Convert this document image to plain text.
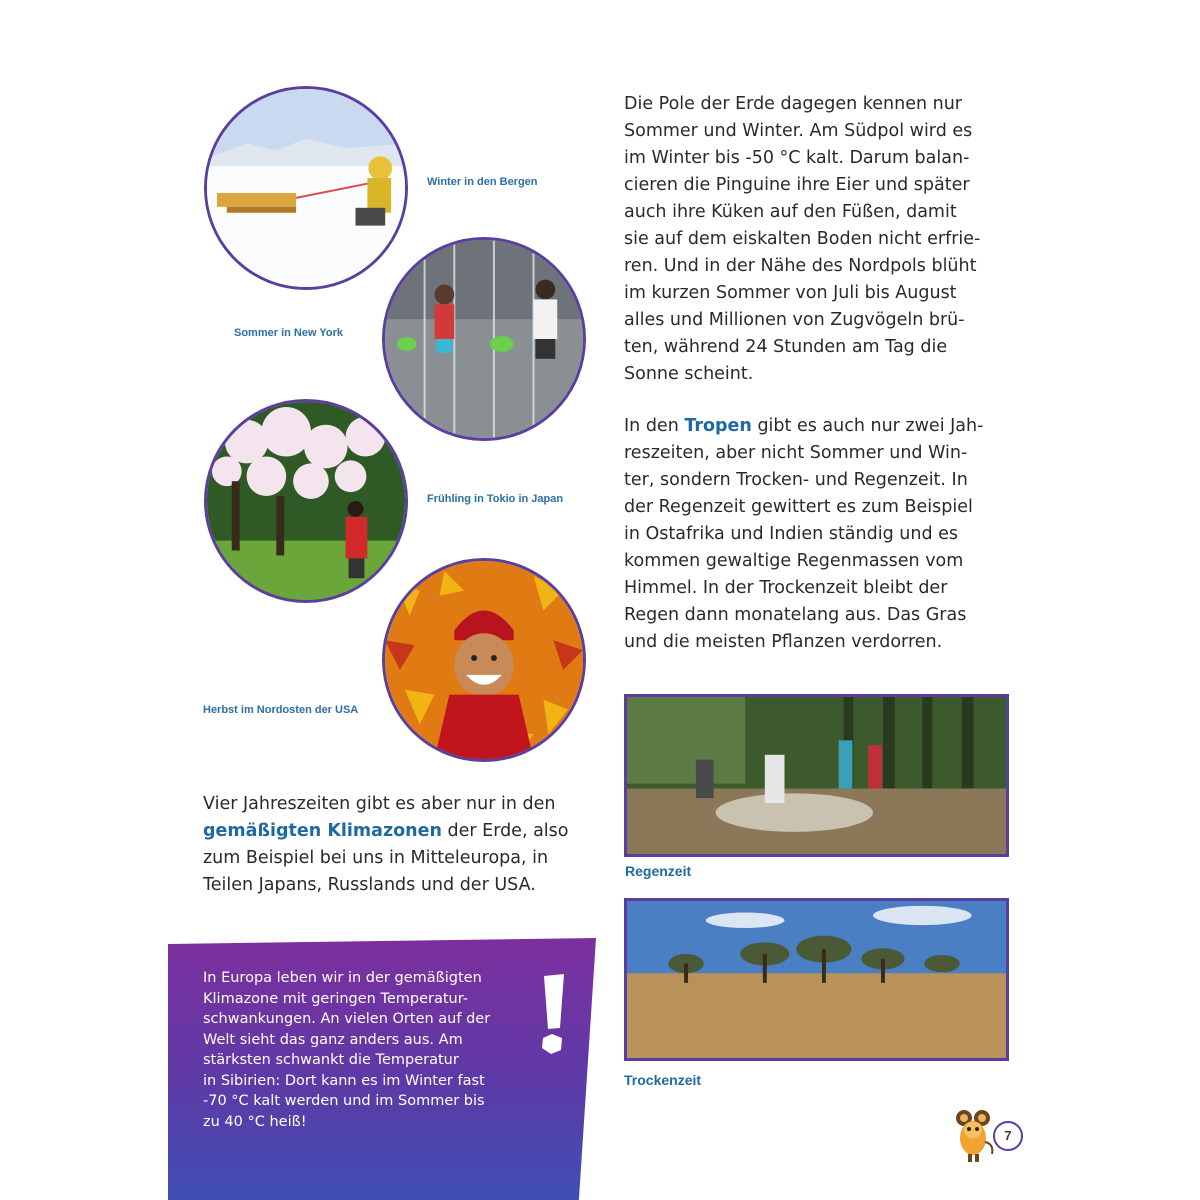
Winter in den Bergen
Sommer in New York
Frühling in Tokio in Japan
Herbst im Nordosten der USA
Die Pole der Erde dagegen kennen nur
Sommer und Winter. Am Südpol wird es
im Winter bis -50 °C kalt. Darum balan-
cieren die Pinguine ihre Eier und später
auch ihre Küken auf den Füßen, damit
sie auf dem eiskalten Boden nicht erfrie-
ren. Und in der Nähe des Nordpols blüht
im kurzen Sommer von Juli bis August
alles und Millionen von Zugvögeln brü-
ten, während 24 Stunden am Tag die
Sonne scheint.
In den Tropen gibt es auch nur zwei Jah-
reszeiten, aber nicht Sommer und Win-
ter, sondern Trocken- und Regenzeit. In
der Regenzeit gewittert es zum Beispiel
in Ostafrika und Indien ständig und es
kommen gewaltige Regenmassen vom
Himmel. In der Trockenzeit bleibt der
Regen dann monatelang aus. Das Gras
und die meisten Pflanzen verdorren.
Vier Jahreszeiten gibt es aber nur in den
gemäßigten Klimazonen der Erde, also
zum Beispiel bei uns in Mitteleuropa, in
Teilen Japans, Russlands und der USA.
Regenzeit
Trockenzeit
In Europa leben wir in der gemäßigten
Klimazone mit geringen Temperatur-
schwankungen. An vielen Orten auf der
Welt sieht das ganz anders aus. Am
stärksten schwankt die Temperatur
in Sibirien: Dort kann es im Winter fast
-70 °C kalt werden und im Sommer bis
zu 40 °C heiß!
7
